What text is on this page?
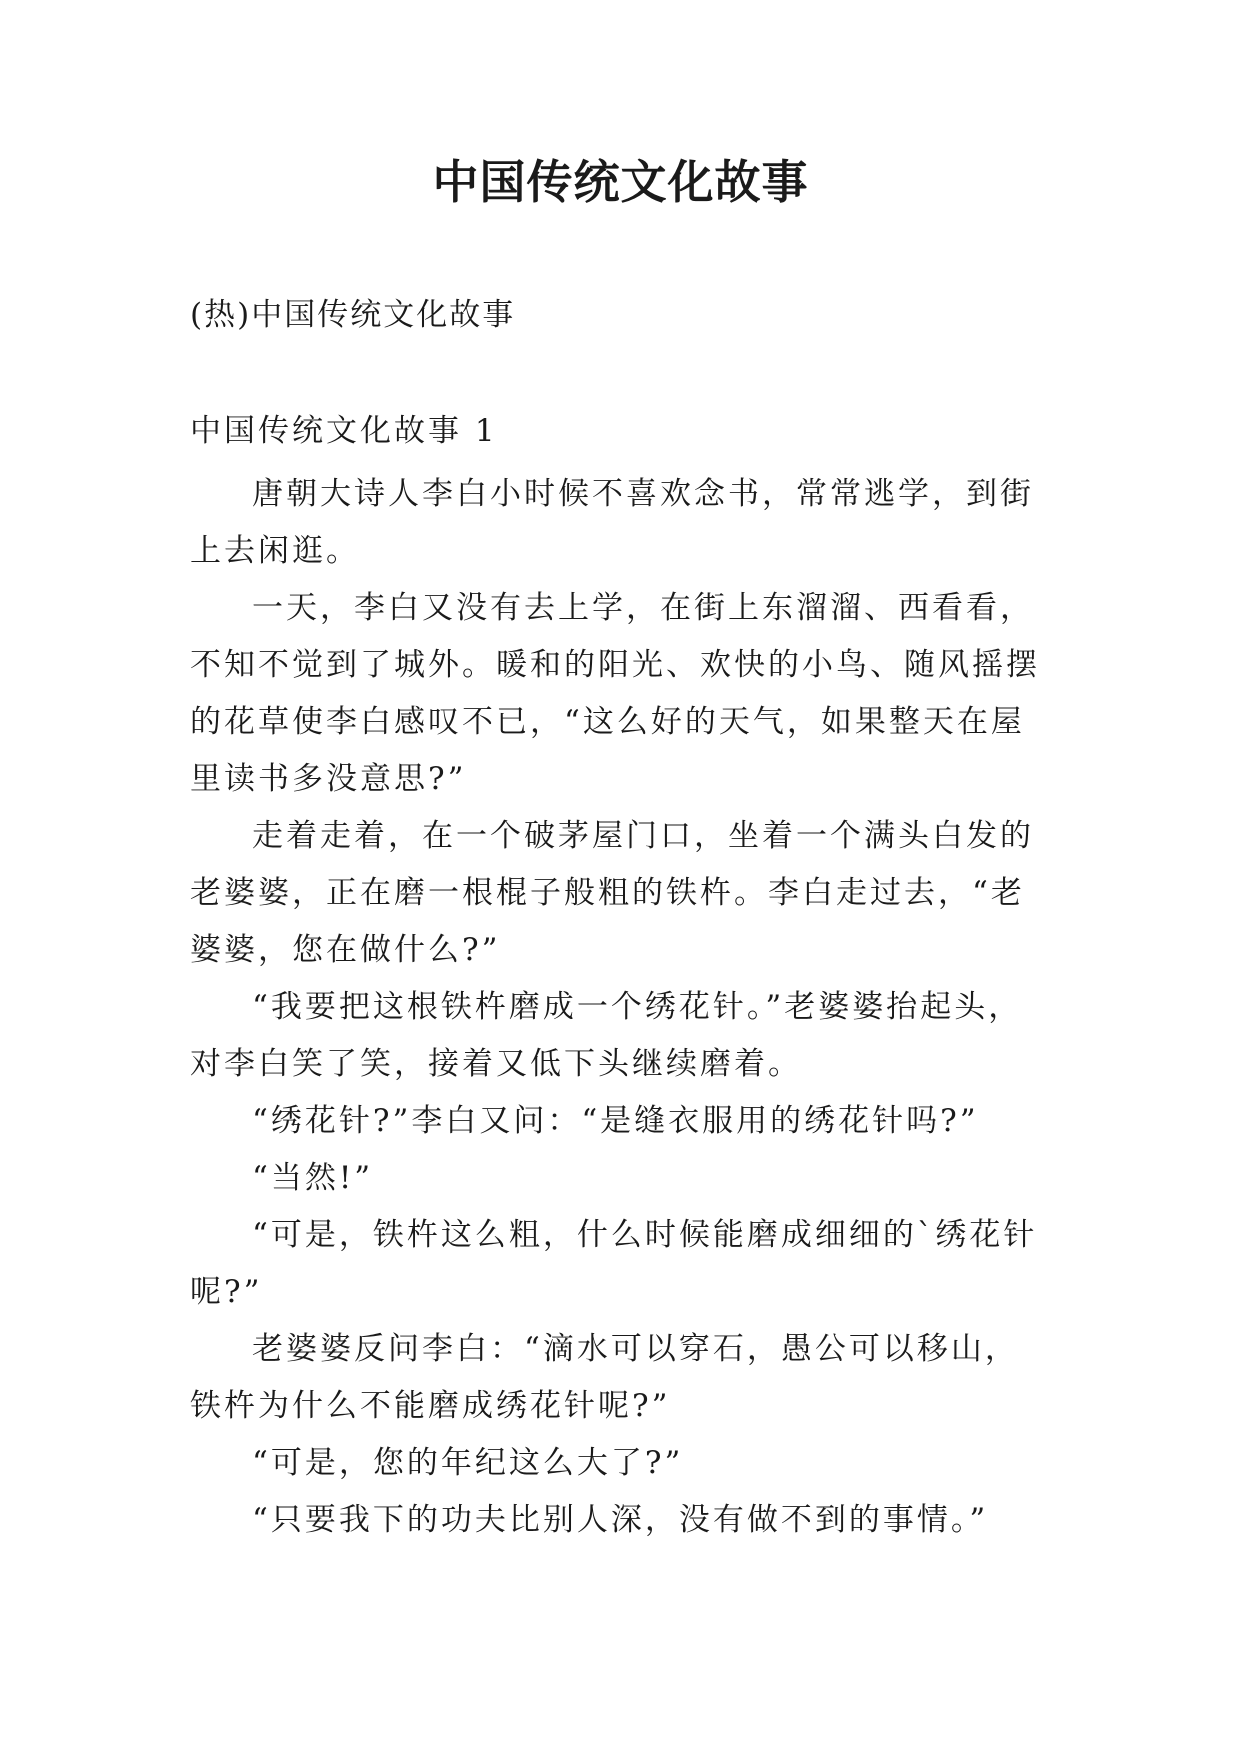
中国传统文化故事

(热)中国传统文化故事

中国传统文化故事 1

唐朝大诗人李白小时候不喜欢念书，常常逃学，到街上去闲逛。

一天，李白又没有去上学，在街上东溜溜、西看看，不知不觉到了城外。暖和的阳光、欢快的小鸟、随风摇摆的花草使李白感叹不已，“这么好的天气，如果整天在屋里读书多没意思?”

走着走着，在一个破茅屋门口，坐着一个满头白发的老婆婆，正在磨一根棍子般粗的铁杵。李白走过去，“老婆婆，您在做什么?”

“我要把这根铁杵磨成一个绣花针。”老婆婆抬起头，对李白笑了笑，接着又低下头继续磨着。

“绣花针?”李白又问：“是缝衣服用的绣花针吗?”

“当然!”

“可是，铁杵这么粗，什么时候能磨成细细的`绣花针呢?”

老婆婆反问李白：“滴水可以穿石，愚公可以移山，铁杵为什么不能磨成绣花针呢?”

“可是，您的年纪这么大了?”

“只要我下的功夫比别人深，没有做不到的事情。”
